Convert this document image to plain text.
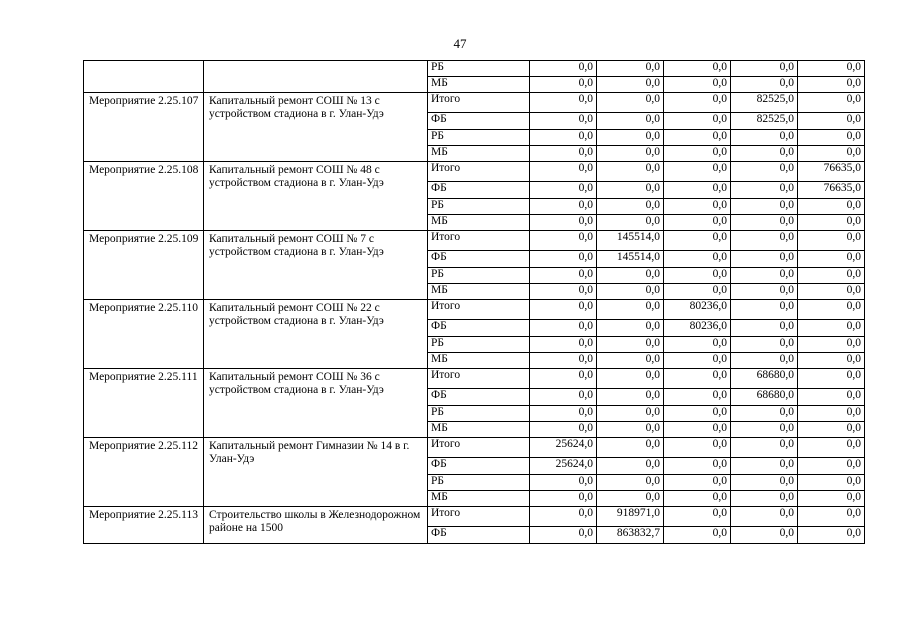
47
		РБ	0,0	0,0	0,0	0,0	0,0
		МБ	0,0	0,0	0,0	0,0	0,0
Мероприятие 2.25.107	Капитальный ремонт СОШ № 13 с устройством стадиона в г. Улан-Удэ	Итого	0,0	0,0	0,0	82525,0	0,0
		ФБ	0,0	0,0	0,0	82525,0	0,0
		РБ	0,0	0,0	0,0	0,0	0,0
		МБ	0,0	0,0	0,0	0,0	0,0
Мероприятие 2.25.108	Капитальный ремонт СОШ № 48 с устройством стадиона в г. Улан-Удэ	Итого	0,0	0,0	0,0	0,0	76635,0
		ФБ	0,0	0,0	0,0	0,0	76635,0
		РБ	0,0	0,0	0,0	0,0	0,0
		МБ	0,0	0,0	0,0	0,0	0,0
Мероприятие 2.25.109	Капитальный ремонт СОШ № 7 с устройством стадиона в г. Улан-Удэ	Итого	0,0	145514,0	0,0	0,0	0,0
		ФБ	0,0	145514,0	0,0	0,0	0,0
		РБ	0,0	0,0	0,0	0,0	0,0
		МБ	0,0	0,0	0,0	0,0	0,0
Мероприятие 2.25.110	Капитальный ремонт СОШ № 22 с устройством стадиона в г. Улан-Удэ	Итого	0,0	0,0	80236,0	0,0	0,0
		ФБ	0,0	0,0	80236,0	0,0	0,0
		РБ	0,0	0,0	0,0	0,0	0,0
		МБ	0,0	0,0	0,0	0,0	0,0
Мероприятие 2.25.111	Капитальный ремонт СОШ № 36 с устройством стадиона в г. Улан-Удэ	Итого	0,0	0,0	0,0	68680,0	0,0
		ФБ	0,0	0,0	0,0	68680,0	0,0
		РБ	0,0	0,0	0,0	0,0	0,0
		МБ	0,0	0,0	0,0	0,0	0,0
Мероприятие 2.25.112	Капитальный ремонт Гимназии № 14 в г. Улан-Удэ	Итого	25624,0	0,0	0,0	0,0	0,0
		ФБ	25624,0	0,0	0,0	0,0	0,0
		РБ	0,0	0,0	0,0	0,0	0,0
		МБ	0,0	0,0	0,0	0,0	0,0
Мероприятие 2.25.113	Строительство школы в Железнодорожном районе на 1500	Итого	0,0	918971,0	0,0	0,0	0,0
		ФБ	0,0	863832,7	0,0	0,0	0,0
